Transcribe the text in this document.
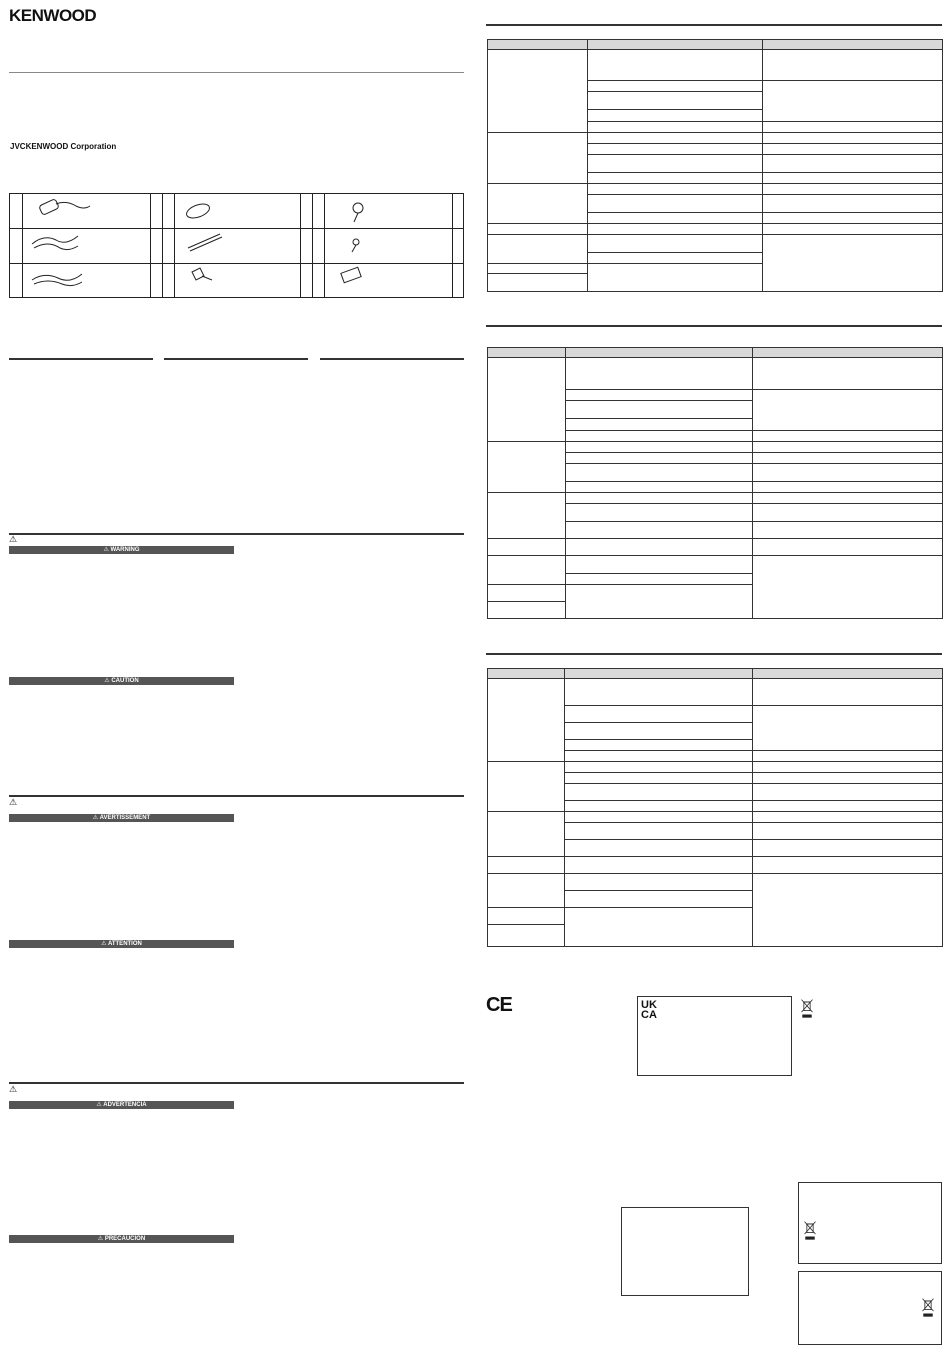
KENWOOD
JVCKENWOOD Corporation
⚠
⚠ WARNING
⚠ CAUTION
⚠
⚠ AVERTISSEMENT
⚠ ATTENTION
⚠
⚠ ADVERTENCIA
⚠ PRECAUCIÓN

CE	UK
CA
